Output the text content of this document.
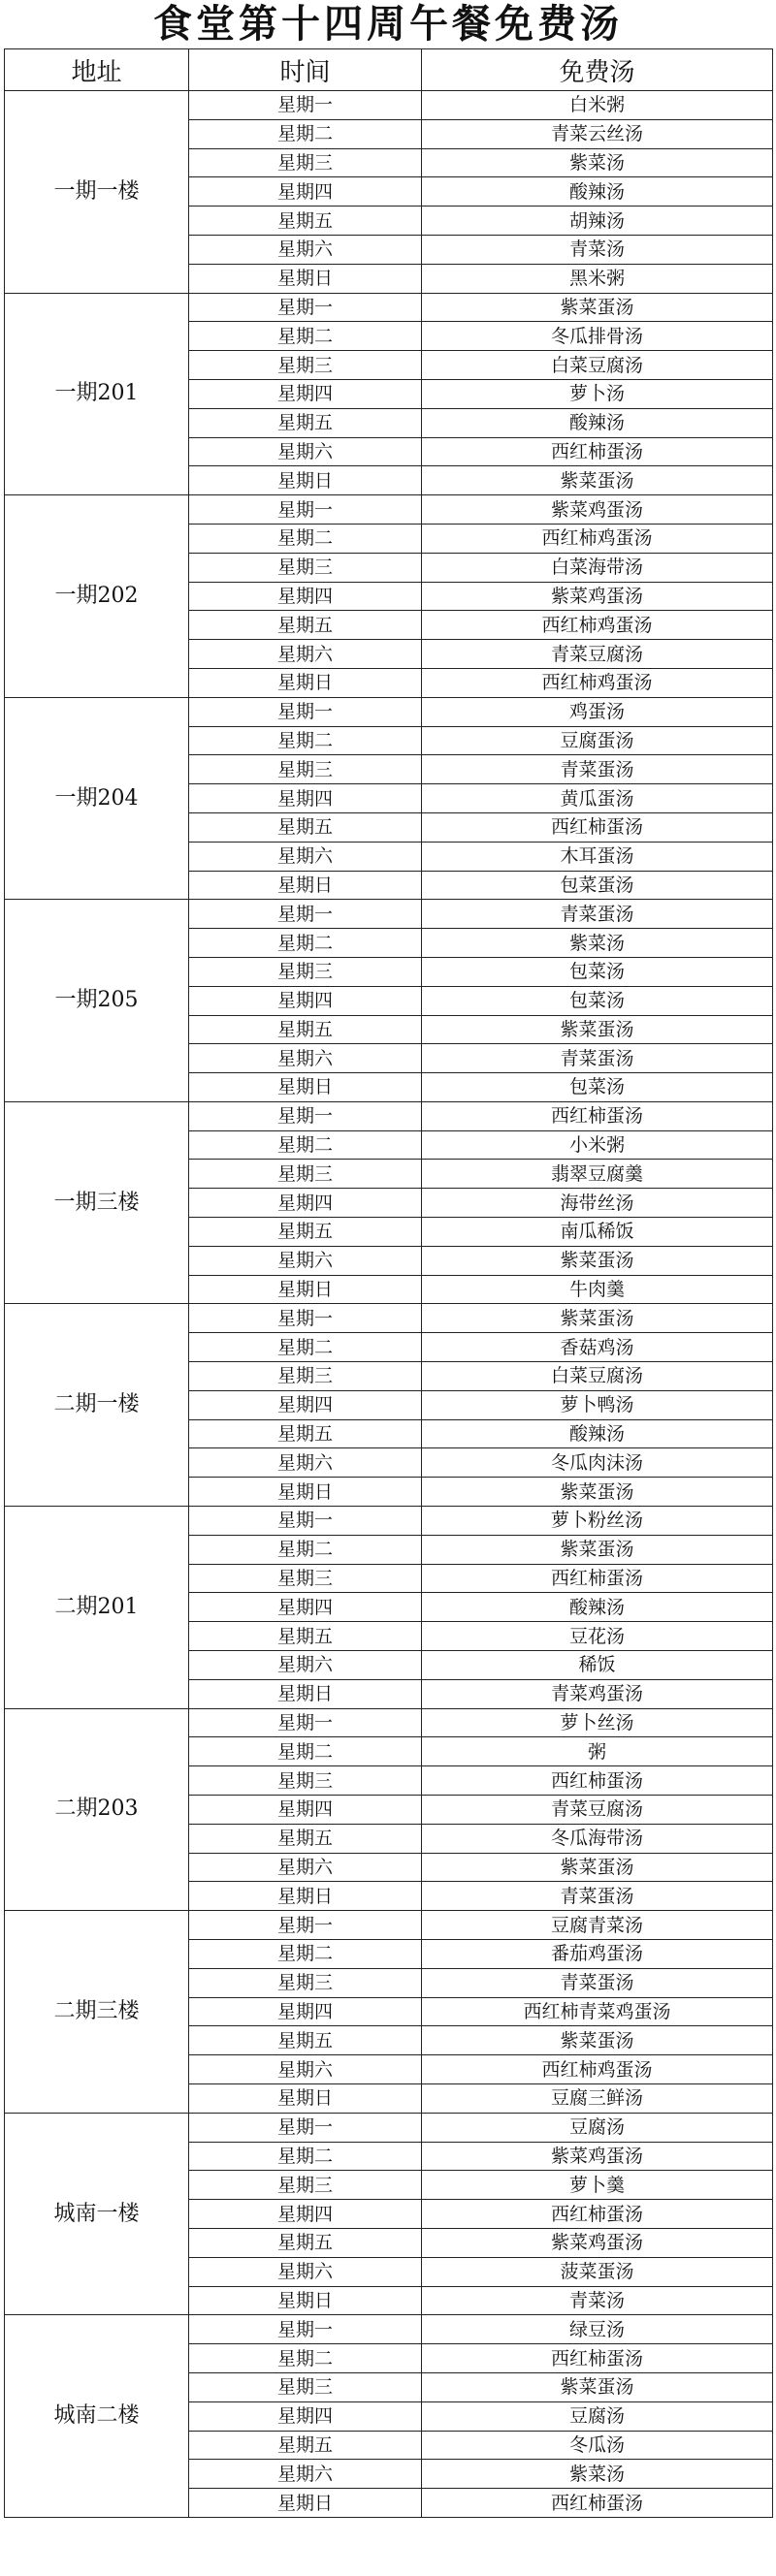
食堂第十四周午餐免费汤
地址	时间	免费汤
一期一楼	星期一	白米粥
	星期二	青菜云丝汤
	星期三	紫菜汤
	星期四	酸辣汤
	星期五	胡辣汤
	星期六	青菜汤
	星期日	黑米粥
一期201	星期一	紫菜蛋汤
	星期二	冬瓜排骨汤
	星期三	白菜豆腐汤
	星期四	萝卜汤
	星期五	酸辣汤
	星期六	西红柿蛋汤
	星期日	紫菜蛋汤
一期202	星期一	紫菜鸡蛋汤
	星期二	西红柿鸡蛋汤
	星期三	白菜海带汤
	星期四	紫菜鸡蛋汤
	星期五	西红柿鸡蛋汤
	星期六	青菜豆腐汤
	星期日	西红柿鸡蛋汤
一期204	星期一	鸡蛋汤
	星期二	豆腐蛋汤
	星期三	青菜蛋汤
	星期四	黄瓜蛋汤
	星期五	西红柿蛋汤
	星期六	木耳蛋汤
	星期日	包菜蛋汤
一期205	星期一	青菜蛋汤
	星期二	紫菜汤
	星期三	包菜汤
	星期四	包菜汤
	星期五	紫菜蛋汤
	星期六	青菜蛋汤
	星期日	包菜汤
一期三楼	星期一	西红柿蛋汤
	星期二	小米粥
	星期三	翡翠豆腐羹
	星期四	海带丝汤
	星期五	南瓜稀饭
	星期六	紫菜蛋汤
	星期日	牛肉羹
二期一楼	星期一	紫菜蛋汤
	星期二	香菇鸡汤
	星期三	白菜豆腐汤
	星期四	萝卜鸭汤
	星期五	酸辣汤
	星期六	冬瓜肉沫汤
	星期日	紫菜蛋汤
二期201	星期一	萝卜粉丝汤
	星期二	紫菜蛋汤
	星期三	西红柿蛋汤
	星期四	酸辣汤
	星期五	豆花汤
	星期六	稀饭
	星期日	青菜鸡蛋汤
二期203	星期一	萝卜丝汤
	星期二	粥
	星期三	西红柿蛋汤
	星期四	青菜豆腐汤
	星期五	冬瓜海带汤
	星期六	紫菜蛋汤
	星期日	青菜蛋汤
二期三楼	星期一	豆腐青菜汤
	星期二	番茄鸡蛋汤
	星期三	青菜蛋汤
	星期四	西红柿青菜鸡蛋汤
	星期五	紫菜蛋汤
	星期六	西红柿鸡蛋汤
	星期日	豆腐三鲜汤
城南一楼	星期一	豆腐汤
	星期二	紫菜鸡蛋汤
	星期三	萝卜羹
	星期四	西红柿蛋汤
	星期五	紫菜鸡蛋汤
	星期六	菠菜蛋汤
	星期日	青菜汤
城南二楼	星期一	绿豆汤
	星期二	西红柿蛋汤
	星期三	紫菜蛋汤
	星期四	豆腐汤
	星期五	冬瓜汤
	星期六	紫菜汤
	星期日	西红柿蛋汤
